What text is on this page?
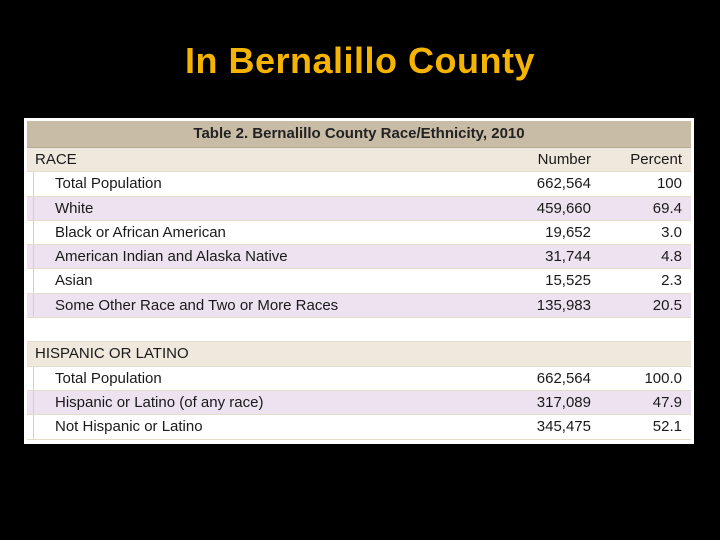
In Bernalillo County
Table 2. Bernalillo County Race/Ethnicity, 2010
RACE	Number	Percent
Total Population	662,564	100
White	459,660	69.4
Black or African American	19,652	3.0
American Indian and Alaska Native	31,744	4.8
Asian	15,525	2.3
Some Other Race and Two or More Races	135,983	20.5
HISPANIC OR LATINO
Total Population	662,564	100.0
Hispanic or Latino (of any race)	317,089	47.9
Not Hispanic or Latino	345,475	52.1
